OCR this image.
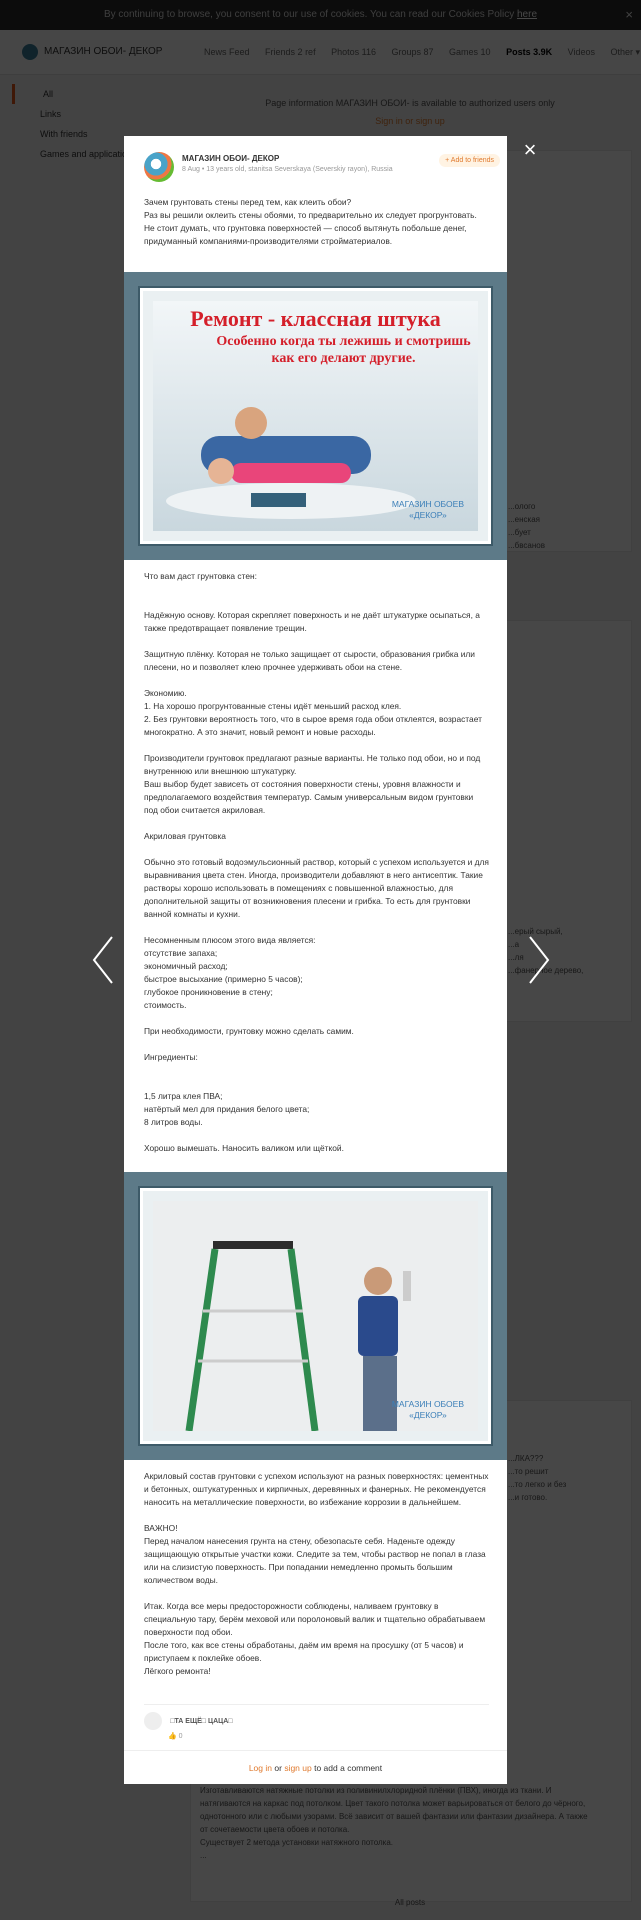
×
МАГАЗИН ОБОИ- ДЕКОР
8 Aug • 13 years old, stanitsa Severskaya (Severskiy rayon), Russia
+ Add to friends
Зачем грунтовать стены перед тем, как клеить обои?
Раз вы решили оклеить стены обоями, то предварительно их следует прогрунтовать.
Не стоит думать, что грунтовка поверхностей — способ вытянуть побольше денег, придуманный компаниями-производителями стройматериалов.
Ремонт - классная штука
Особенно когда ты лежишь и смотришь как его делают другие.
МАГАЗИН ОБОЕВ
«ДЕКОР»
Что вам даст грунтовка стен:

Надёжную основу. Которая скрепляет поверхность и не даёт штукатурке осыпаться, а также предотвращает появление трещин.

Защитную плёнку. Которая не только защищает от сырости, образования грибка или плесени, но и позволяет клею прочнее удерживать обои на стене.

Экономию.
1. На хорошо прогрунтованные стены идёт меньший расход клея.
2. Без грунтовки вероятность того, что в сырое время года обои отклеятся, возрастает многократно. А это значит, новый ремонт и новые расходы.

Производители грунтовок предлагают разные варианты. Не только под обои, но и под внутреннюю или внешнюю штукатурку.
Ваш выбор будет зависеть от состояния поверхности стены, уровня влажности и предполагаемого воздействия температур. Самым универсальным видом грунтовки под обои считается акриловая.

Акриловая грунтовка

Обычно это готовый водоэмульсионный раствор, который с успехом используется и для выравнивания цвета стен. Иногда, производители добавляют в него антисептик. Такие растворы хорошо использовать в помещениях с повышенной влажностью, для дополнительной защиты от возникновения плесени и грибка. То есть для грунтовки ванной комнаты и кухни.

Несомненным плюсом этого вида является:
отсутствие запаха;
экономичный расход;
быстрое высыхание (примерно 5 часов);
глубокое проникновение в стену;
стоимость.

При необходимости, грунтовку можно сделать самим.

Ингредиенты:

1,5 литра клея ПВА;
натёртый мел для придания белого цвета;
8 литров воды.

Хорошо вымешать. Наносить валиком или щёткой.
МАГАЗИН ОБОЕВ
«ДЕКОР»
Акриловый состав грунтовки с успехом используют на разных поверхностях: цементных и бетонных, оштукатуренных и кирпичных, деревянных и фанерных. Не рекомендуется наносить на металлические поверхности, во избежание коррозии в дальнейшем.

ВАЖНО!
Перед началом нанесения грунта на стену, обезопасьте себя. Наденьте одежду защищающую открытые участки кожи. Следите за тем, чтобы раствор не попал в глаза или на слизистую поверхность. При попадании немедленно промыть большим количеством воды.

Итак. Когда все меры предосторожности соблюдены, наливаем грунтовку в специальную тару, берём меховой или поролоновый валик и тщательно обрабатываем поверхности под обои.
После того, как все стены обработаны, даём им время на просушку (от 5 часов) и приступаем к поклейке обоев.
Лёгкого ремонта!
□ТА ЕЩЁ□ ЦАЦА□
👍 0
Log in or sign up to add a comment
